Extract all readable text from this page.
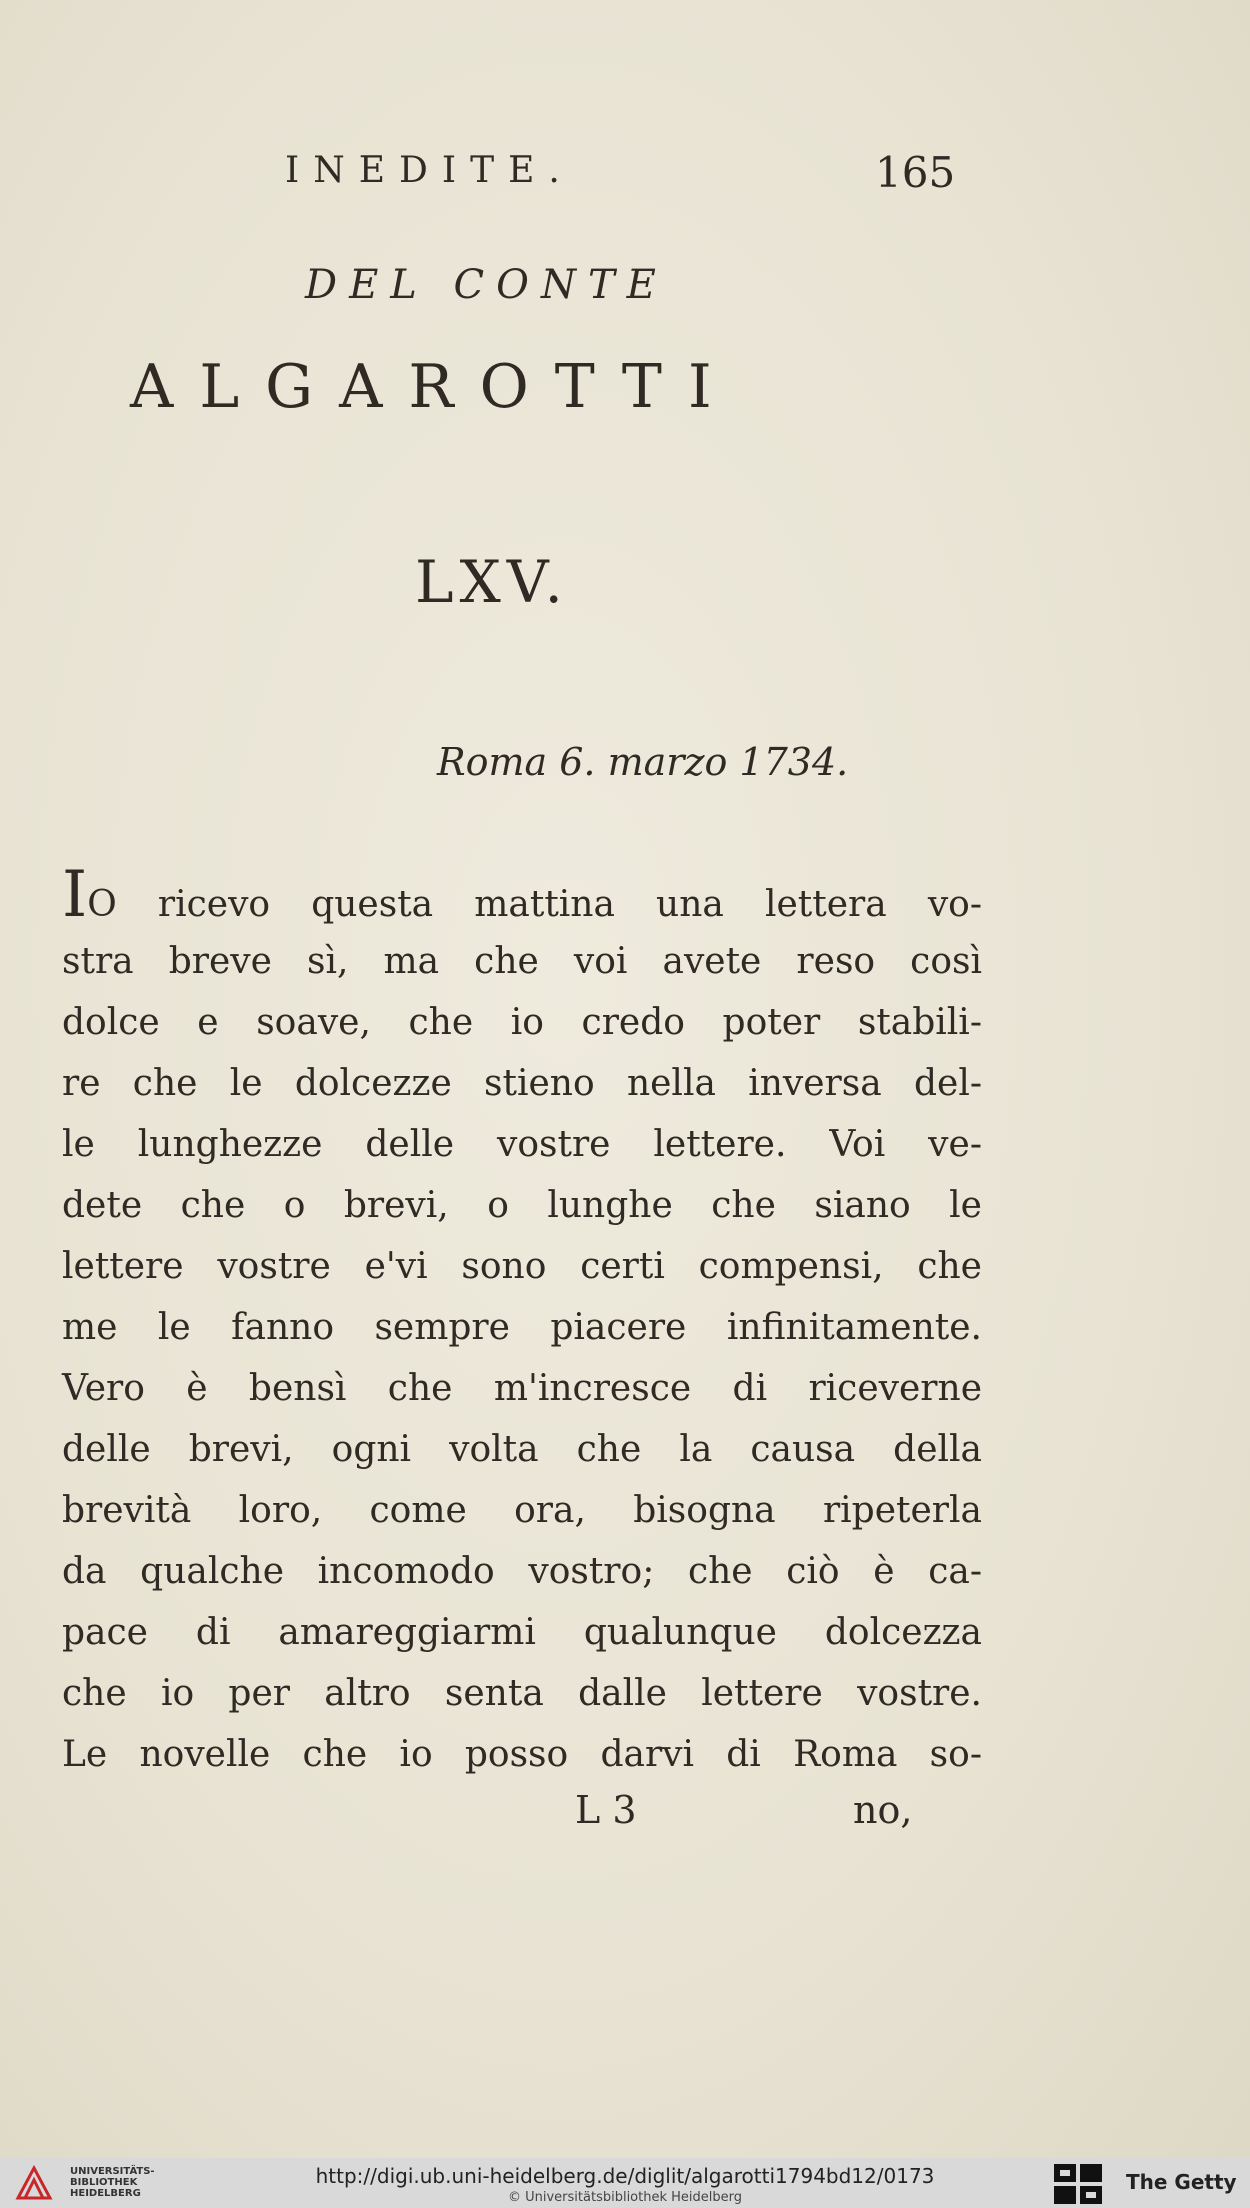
INEDITE.	165
DEL CONTE
ALGAROTTI
LXV.
Roma 6. marzo 1734.
IO ricevo questa mattina una lettera vo-
stra breve sì, ma che voi avete reso così
dolce e soave, che io credo poter stabili-
re che le dolcezze stieno nella inversa del-
le lunghezze delle vostre lettere. Voi ve-
dete che o brevi, o lunghe che siano le
lettere vostre e'vi sono certi compensi, che
me le fanno sempre piacere infinitamente.
Vero è bensì che m'incresce di riceverne
delle brevi, ogni volta che la causa della
brevità loro, come ora, bisogna ripeterla
da qualche incomodo vostro; che ciò è ca-
pace di amareggiarmi qualunque dolcezza
che io per altro senta dalle lettere vostre.
Le novelle che io posso darvi di Roma so-
L 3	no,
UNIVERSITÄTS-
BIBLIOTHEK
HEIDELBERG
http://digi.ub.uni-heidelberg.de/diglit/algarotti1794bd12/0173
© Universitätsbibliothek Heidelberg
The Getty
